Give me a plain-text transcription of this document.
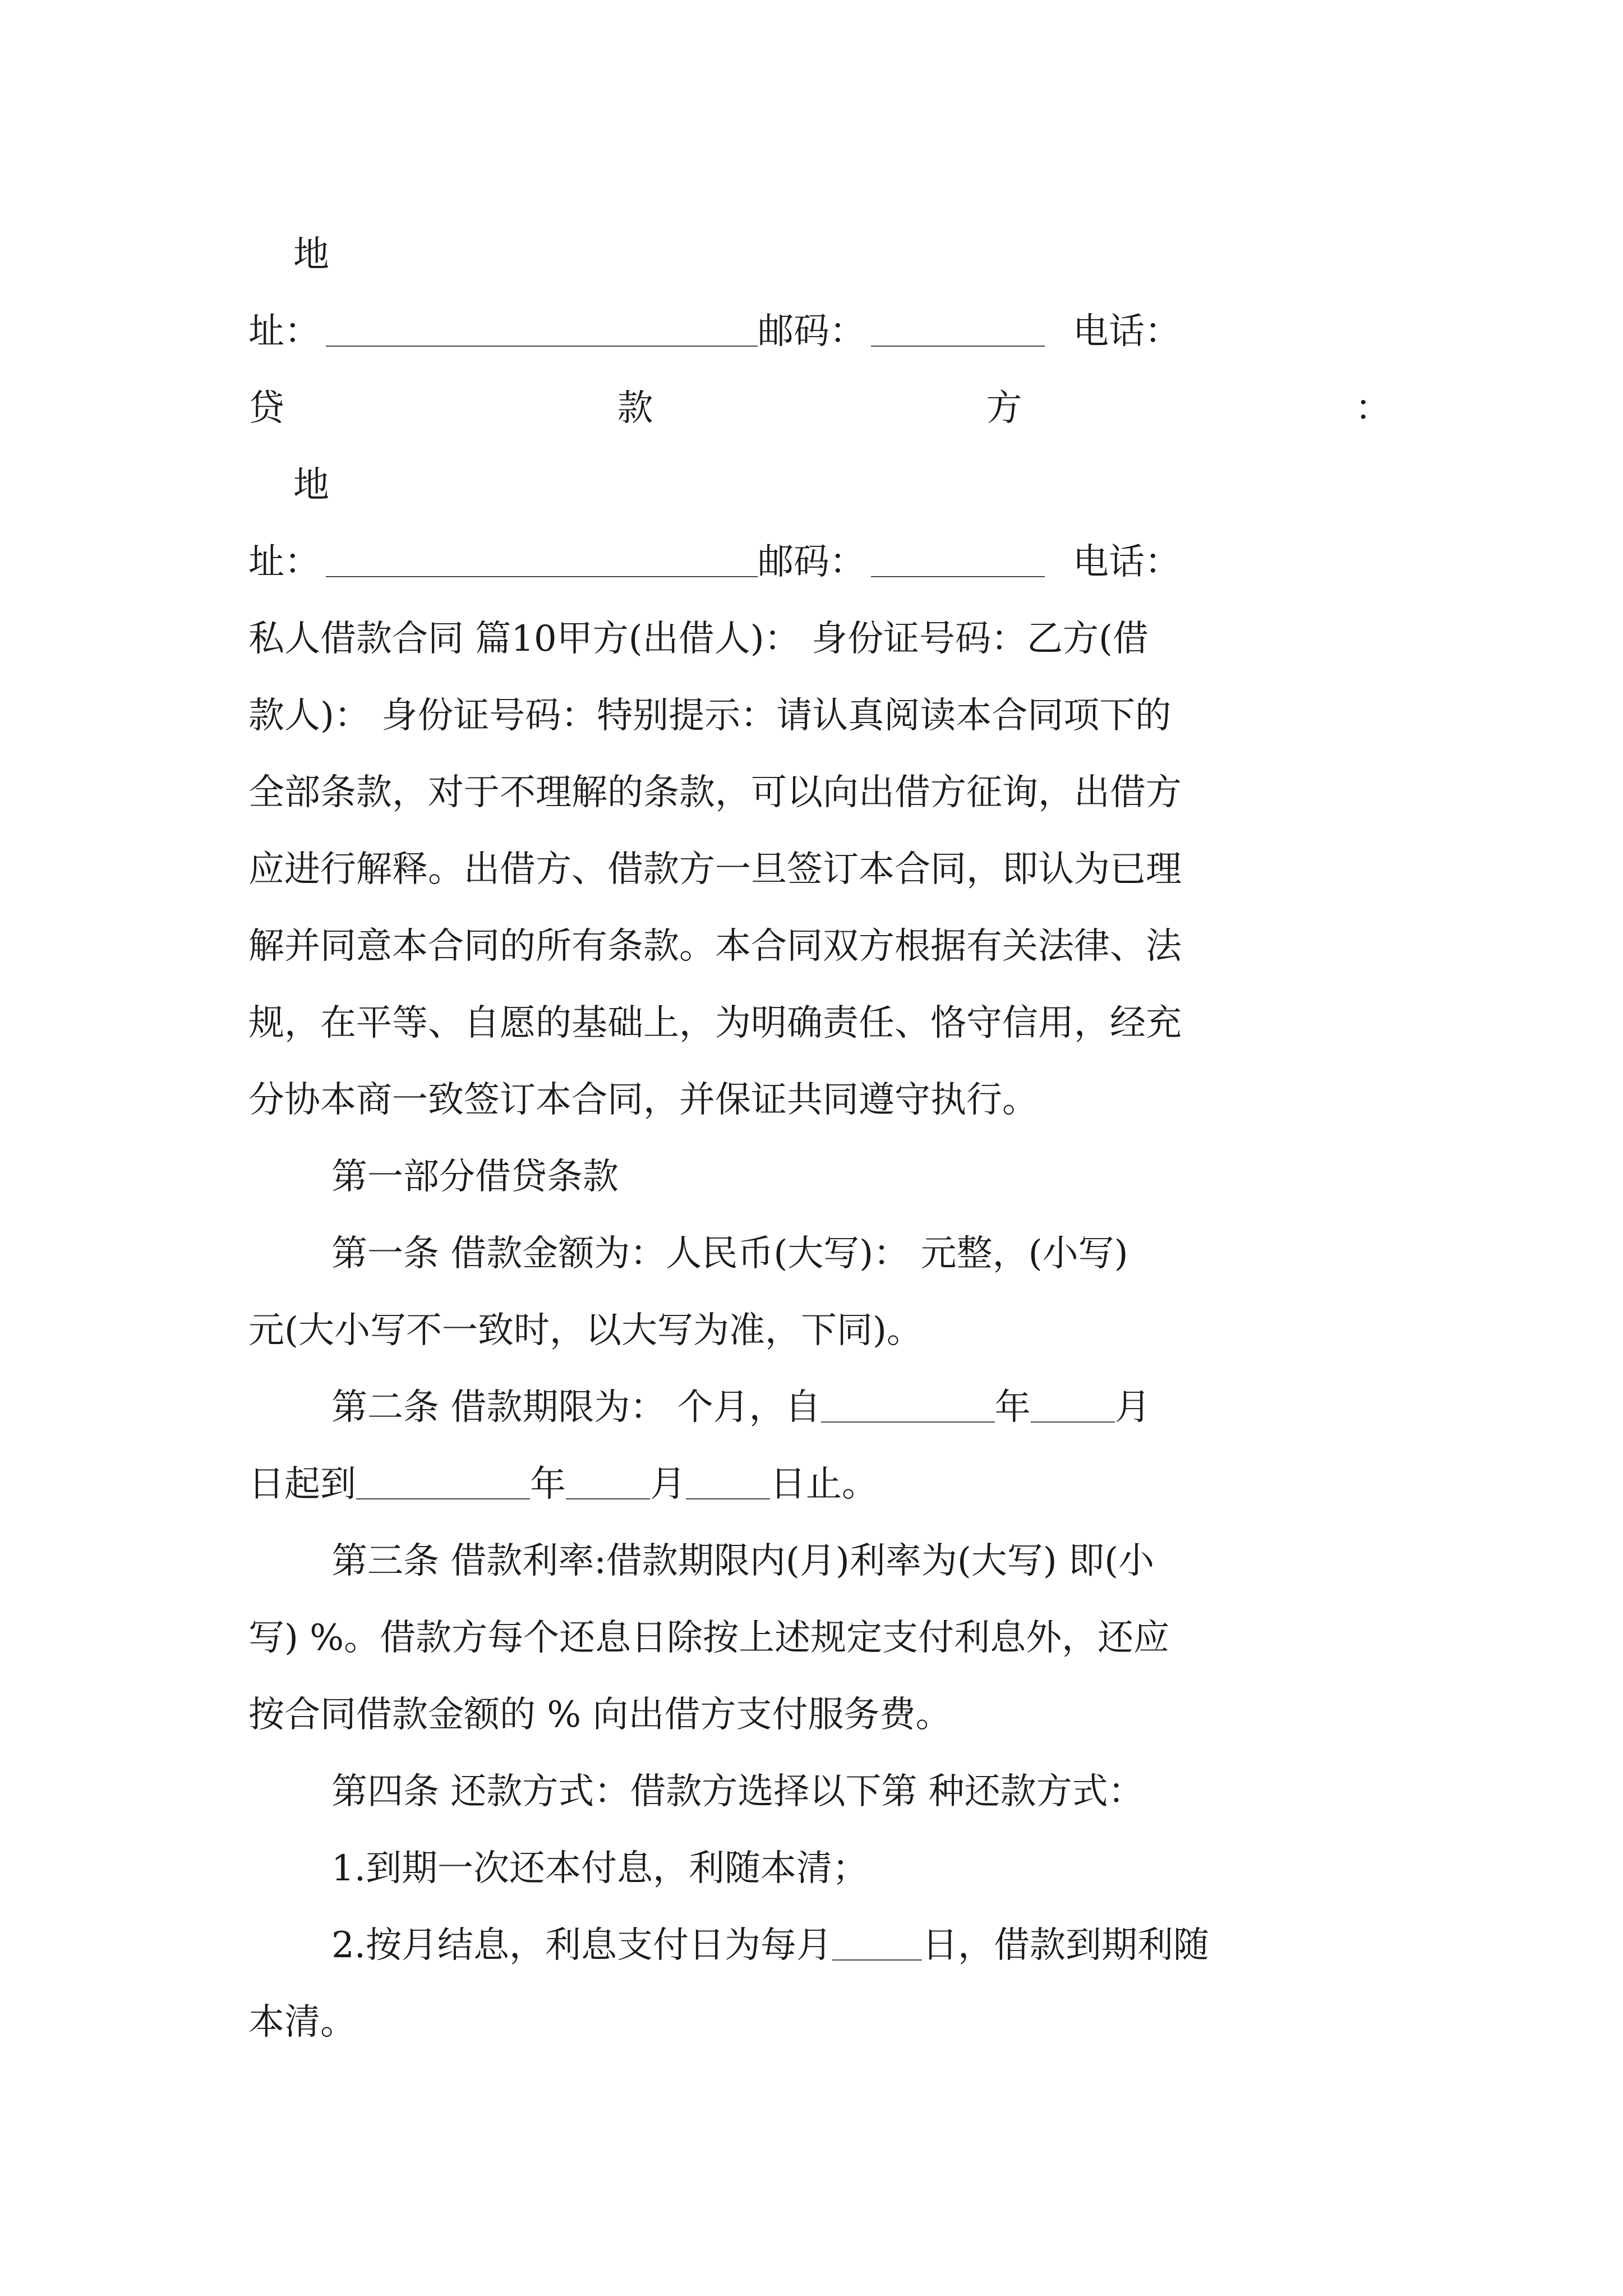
地
址：	邮码：	电话：
贷	款	方	：
地
址：	邮码：	电话：
私人借款合同 篇10甲方(出借人)： 身份证号码：乙方(借
款人)： 身份证号码：特别提示：请认真阅读本合同项下的
全部条款，对于不理解的条款，可以向出借方征询，出借方
应进行解释。出借方、借款方一旦签订本合同，即认为已理
解并同意本合同的所有条款。本合同双方根据有关法律、法
规，在平等、自愿的基础上，为明确责任、恪守信用，经充
分协本商一致签订本合同，并保证共同遵守执行。
第一部分借贷条款
第一条 借款金额为：人民币(大写)： 元整，(小写)
元(大小写不一致时，以大写为准，下同)。
第二条 借款期限为： 个月，自	年 月
日起到	年 月 日止。
第三条 借款利率:借款期限内(月)利率为(大写) 即(小
写) %。借款方每个还息日除按上述规定支付利息外，还应
按合同借款金额的 % 向出借方支付服务费。
第四条 还款方式：借款方选择以下第 种还款方式：
1.到期一次还本付息，利随本清；
2.按月结息，利息支付日为每月	日，借款到期利随
本清。
